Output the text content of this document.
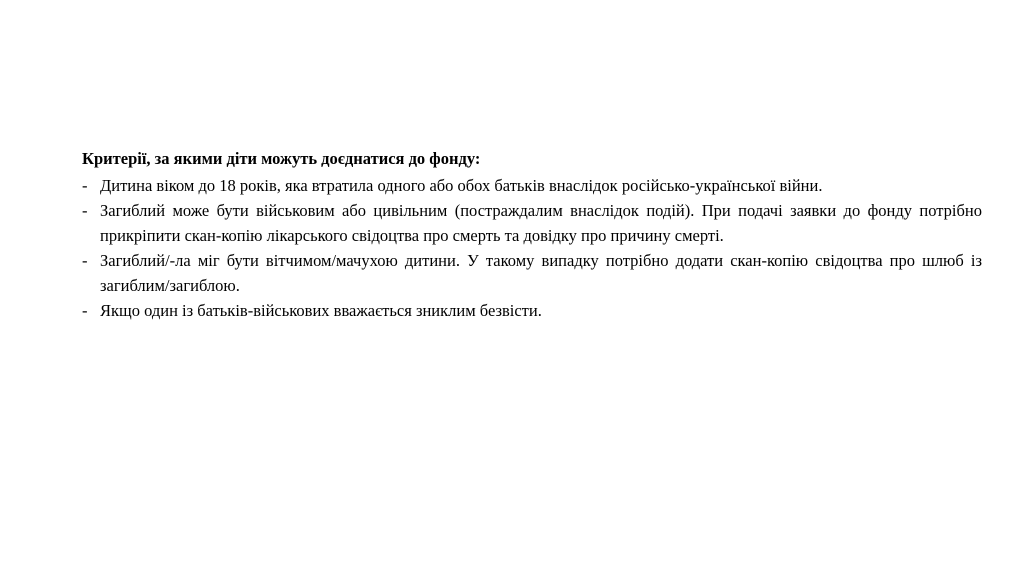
Критерії, за якими діти можуть доєднатися до фонду:

- Дитина віком до 18 років, яка втратила одного або обох батьків внаслідок російсько-української війни.
- Загиблий може бути військовим або цивільним (постраждалим внаслідок подій). При подачі заявки до фонду потрібно прикріпити скан-копію лікарського свідоцтва про смерть та довідку про причину смерті.
- Загиблий/-ла міг бути вітчимом/мачухою дитини. У такому випадку потрібно додати скан-копію свідоцтва про шлюб із загиблим/загиблою.
- Якщо один із батьків-військових вважається зниклим безвісти.
